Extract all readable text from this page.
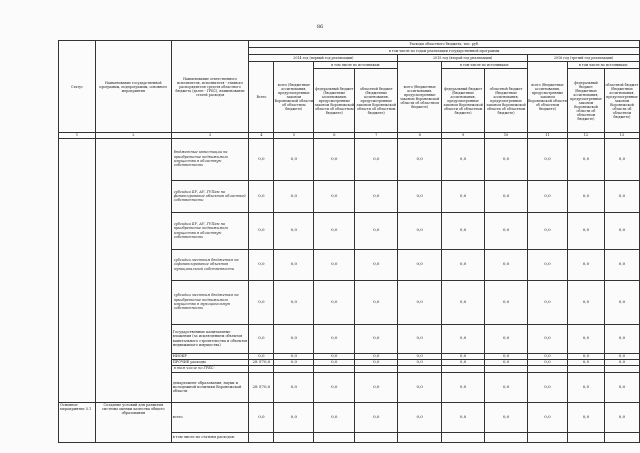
86
Статус	Наименование государственной программы, подпрограммы, основного мероприятия	Наименование ответственного исполнителя, исполнителя - главного распорядителя средств областного бюджета (далее - ГРБС), наименование статей расходов	Расходы областного бюджета, тыс. руб.									
			в том числе по годам реализации государственной программы									
			2014 год (первый год реализации)				2015 год (второй год реализации)			2016 год (третий год реализации)		
			Всего	всего (бюджетные ассигнования, предусмотренные законом Воронежской области об областном бюджете)	в том числе по источникам:		всего (бюджетные ассигнования, предусмотренные законом Воронежской области об областном бюджете)	в том числе по источникам:		всего (бюджетные ассигнования, предусмотренные законом Воронежской области об областном бюджете)	в том числе по источникам:	
					федеральный бюджет (бюджетные ассигнования, предусмотренные законом Воронежской области об областном бюджете)	областной бюджет (бюджетные ассигнования, предусмотренные законом Воронежской области об областном бюджете)		федеральный бюджет (бюджетные ассигнования, предусмотренные законом Воронежской области об областном бюджете)	областной бюджет (бюджетные ассигнования, предусмотренные законом Воронежской области об областном бюджете)		федеральный бюджет (бюджетные ассигнования, предусмотренные законом Воронежской области об областном бюджете)	областной бюджет (бюджетные ассигнования, предусмотренные законом Воронежской области об областном бюджете)
1	2	3	4	5	6	7	8	9	10	11	12	13
		бюджетные инвестиции на приобретение недвижимого имущества в областную собственность	0,0	0,0	0,0	0,0	0,0	0,0	0,0	0,0	0,0	0,0
		субсидии БУ, АУ, ГУПам на финансирование объектов областной собственности	0,0	0,0	0,0	0,0	0,0	0,0	0,0	0,0	0,0	0,0
		субсидии БУ, АУ, ГУПам на приобретение недвижимого имущества в областную собственность	0,0	0,0	0,0	0,0	0,0	0,0	0,0	0,0	0,0	0,0
		субсидии местным бюджетам на софинансирование объектов муниципальной собственности	0,0	0,0	0,0	0,0	0,0	0,0	0,0	0,0	0,0	0,0
		субсидии местным бюджетам на приобретение недвижимого имущества в муниципальную собственность	0,0	0,0	0,0	0,0	0,0	0,0	0,0	0,0	0,0	0,0
		Государственные капитальные вложения (за исключением объектов капитального строительства и объектов недвижимого имущества)	0,0	0,0	0,0	0,0	0,0	0,0	0,0	0,0	0,0	0,0
		НИОКР	0,0	0,0	0,0	0,0	0,0	0,0	0,0	0,0	0,0	0,0
		ПРОЧИЕ расходы	28 570,0	0,0	0,0	0,0	0,0	0,0	0,0	0,0	0,0	0,0
		в том числе по ГРБС:										
		департамент образования, науки и молодежной политики Воронежской области	28 570,0	0,0	0,0	0,0	0,0	0,0	0,0	0,0	0,0	0,0
Основное мероприятие 5.1	Создание условий для развития системы оценки качества общего образования	всего	0,0	0,0	0,0	0,0	0,0	0,0	0,0	0,0	0,0	0,0
		в том числе по статьям расходов:										
